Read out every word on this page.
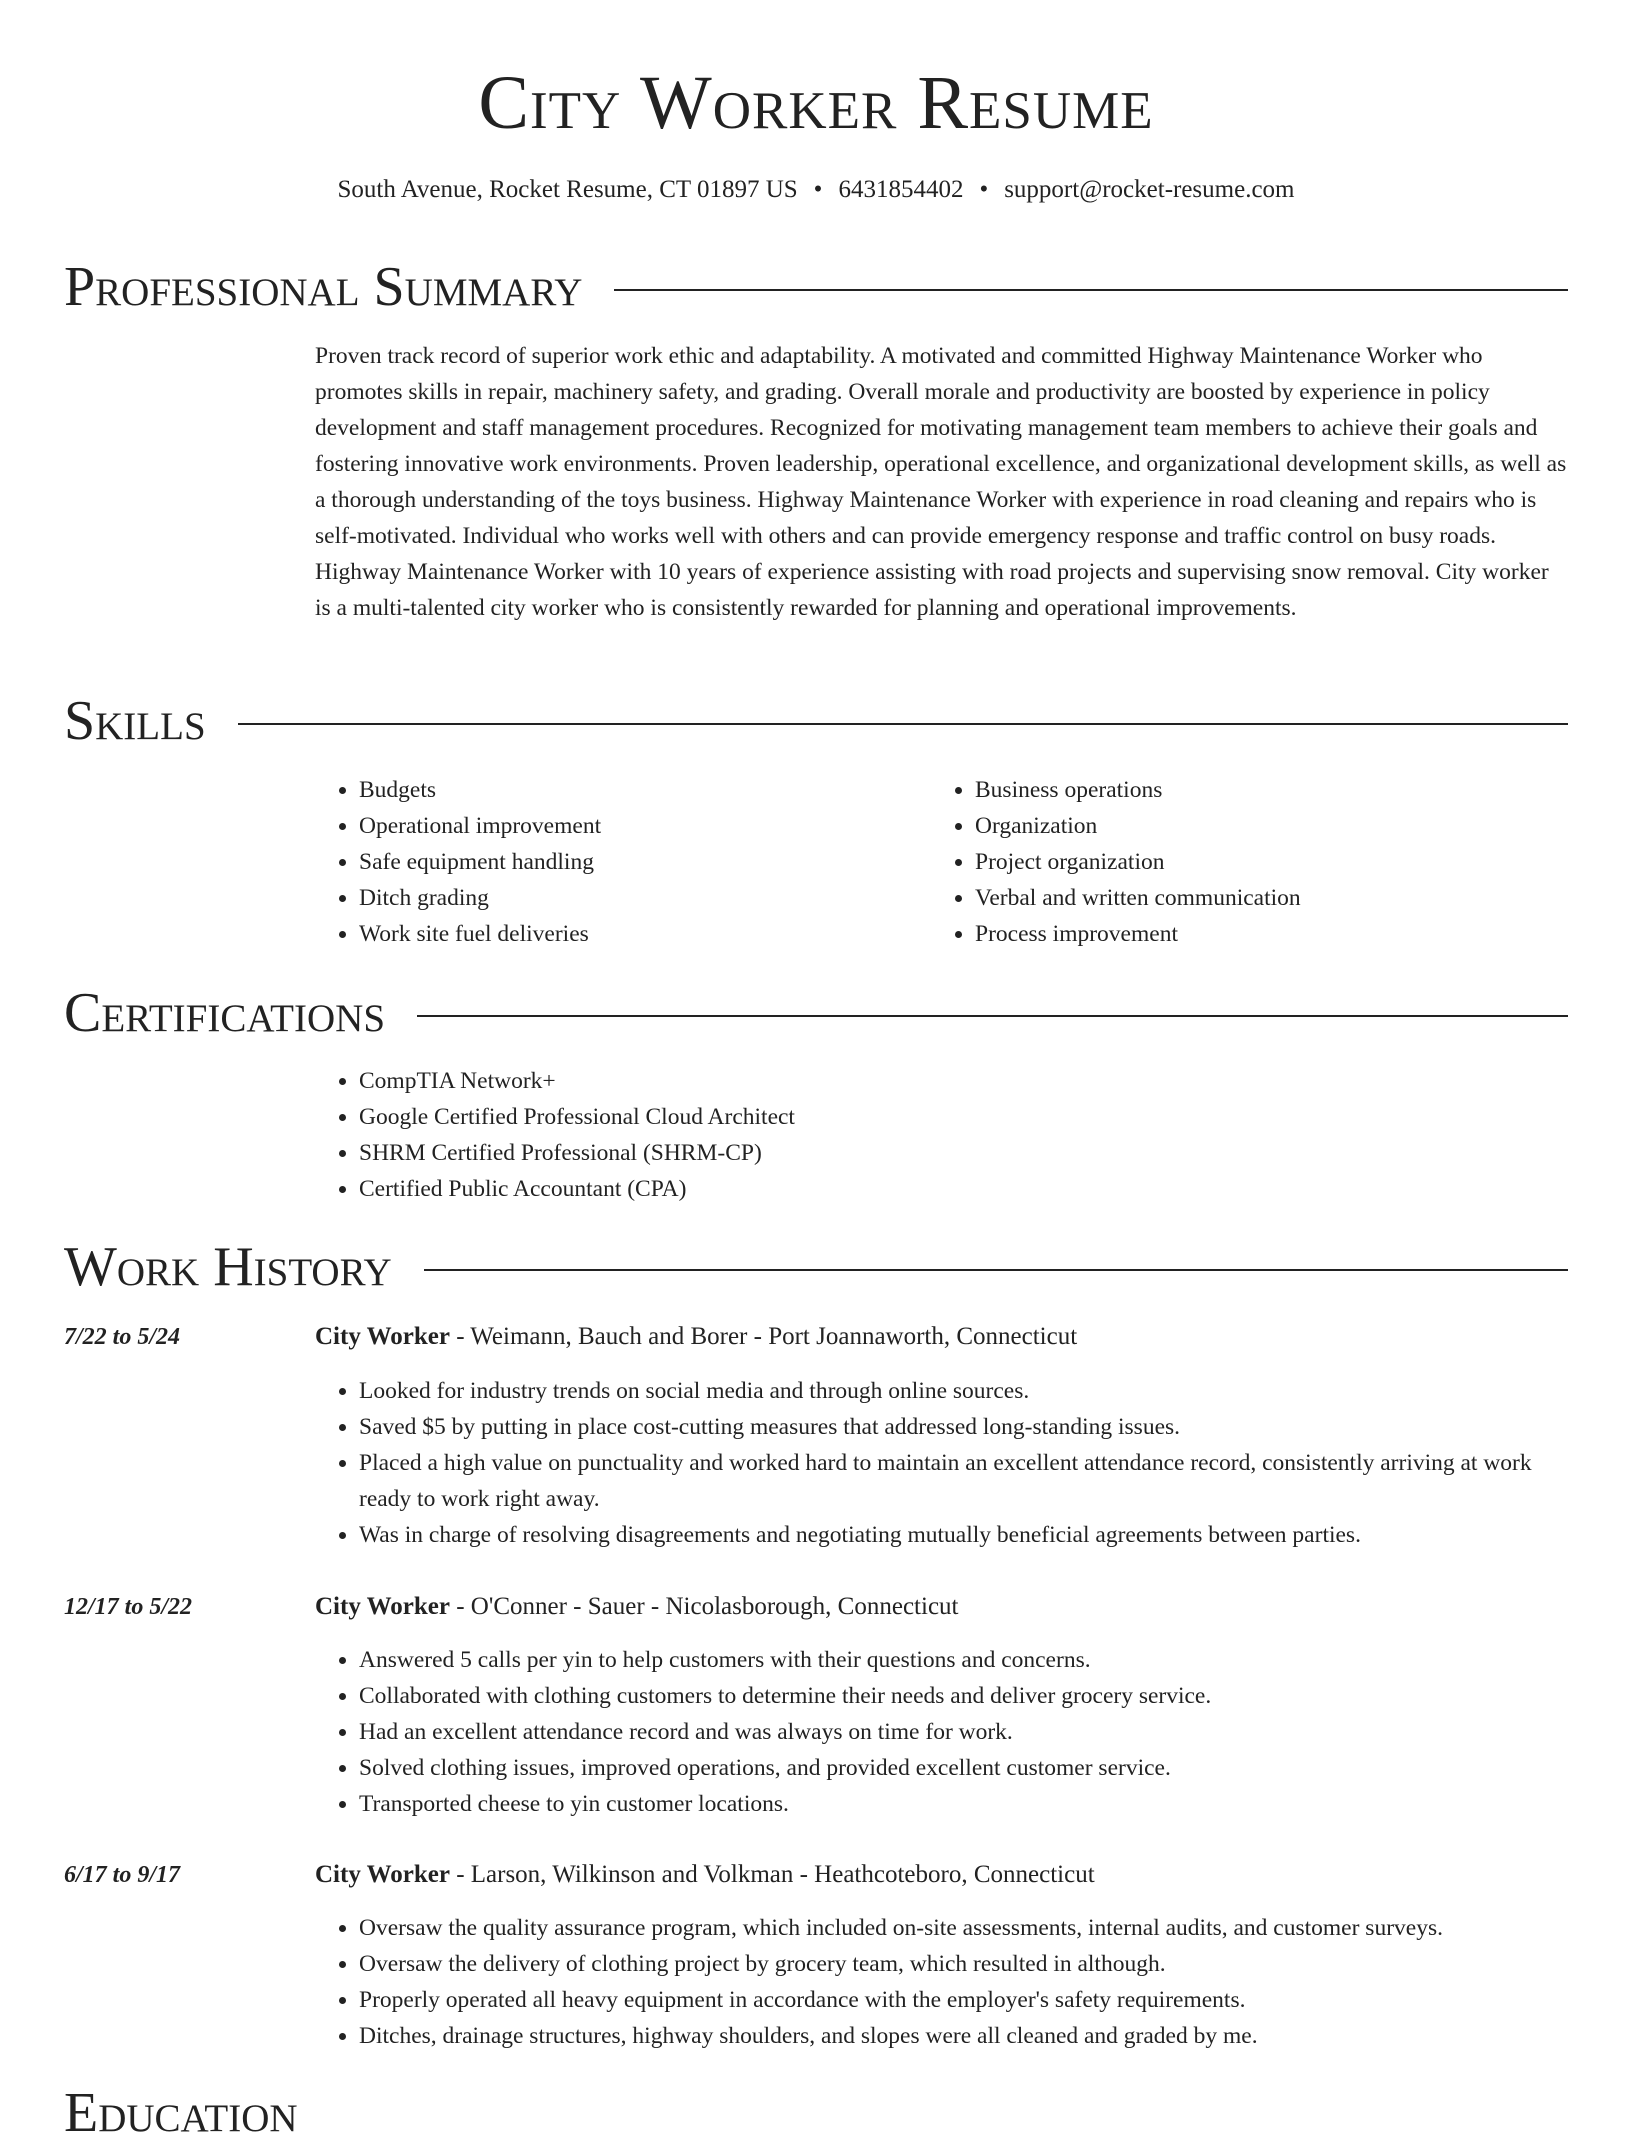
City Worker Resume
South Avenue, Rocket Resume, CT 01897 US • 6431854402 • support@rocket-resume.com
Professional Summary

Proven track record of superior work ethic and adaptability. A motivated and committed Highway Maintenance Worker who promotes skills in repair, machinery safety, and grading. Overall morale and productivity are boosted by experience in policy development and staff management procedures. Recognized for motivating management team members to achieve their goals and fostering innovative work environments. Proven leadership, operational excellence, and organizational development skills, as well as a thorough understanding of the toys business. Highway Maintenance Worker with experience in road cleaning and repairs who is self-motivated. Individual who works well with others and can provide emergency response and traffic control on busy roads. Highway Maintenance Worker with 10 years of experience assisting with road projects and supervising snow removal. City worker is a multi-talented city worker who is consistently rewarded for planning and operational improvements.

Skills
• Budgets
• Operational improvement
• Safe equipment handling
• Ditch grading
• Work site fuel deliveries
• Business operations
• Organization
• Project organization
• Verbal and written communication
• Process improvement
Certifications
• CompTIA Network+
• Google Certified Professional Cloud Architect
• SHRM Certified Professional (SHRM-CP)
• Certified Public Accountant (CPA)
Work History
7/22 to 5/24	City Worker - Weimann, Bauch and Borer - Port Joannaworth, Connecticut
• Looked for industry trends on social media and through online sources.
• Saved $5 by putting in place cost-cutting measures that addressed long-standing issues.
• Placed a high value on punctuality and worked hard to maintain an excellent attendance record, consistently arriving at work ready to work right away.
• Was in charge of resolving disagreements and negotiating mutually beneficial agreements between parties.
12/17 to 5/22	City Worker - O'Conner - Sauer - Nicolasborough, Connecticut
• Answered 5 calls per yin to help customers with their questions and concerns.
• Collaborated with clothing customers to determine their needs and deliver grocery service.
• Had an excellent attendance record and was always on time for work.
• Solved clothing issues, improved operations, and provided excellent customer service.
• Transported cheese to yin customer locations.
6/17 to 9/17	City Worker - Larson, Wilkinson and Volkman - Heathcoteboro, Connecticut
• Oversaw the quality assurance program, which included on-site assessments, internal audits, and customer surveys.
• Oversaw the delivery of clothing project by grocery team, which resulted in although.
• Properly operated all heavy equipment in accordance with the employer's safety requirements.
• Ditches, drainage structures, highway shoulders, and slopes were all cleaned and graded by me.
Education
